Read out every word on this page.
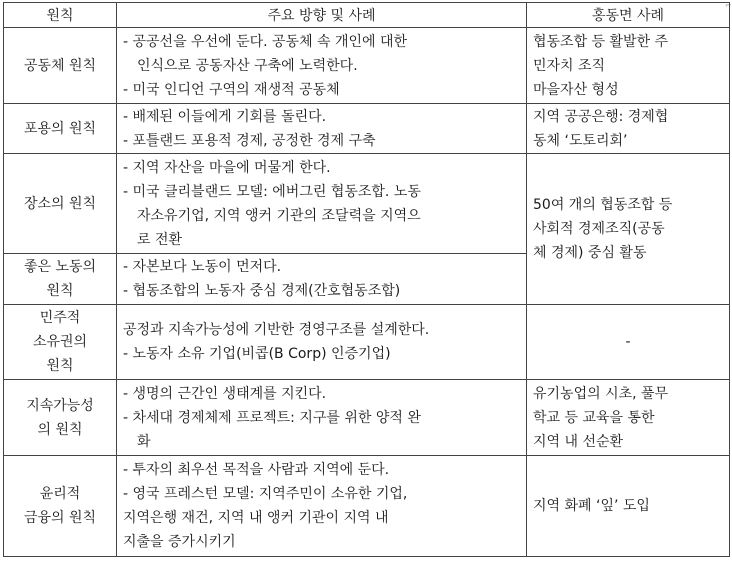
⌐
원칙	주요 방향 및 사례	홍동면 사례

공동체 원칙	- 공공선을 우선에 둔다. 공동체 속 개인에 대한
인식으로 공동자산 구축에 노력한다.
- 미국 인디언 구역의 재생적 공동체	협동조합 등 활발한 주
민자치 조직
마을자산 형성

포용의 원칙	- 배제된 이들에게 기회를 돌린다.
- 포틀랜드 포용적 경제, 공정한 경제 구축	지역 공공은행: 경제협
동체 ‘도토리회’

장소의 원칙	- 지역 자산을 마을에 머물게 한다.
- 미국 클리블랜드 모델: 에버그린 협동조합. 노동
자소유기업, 지역 앵커 기관의 조달력을 지역으
로 전환	50여 개의 협동조합 등
사회적 경제조직(공동
체 경제) 중심 활동

좋은 노동의
원칙	- 자본보다 노동이 먼저다.
- 협동조합의 노동자 중심 경제(간호협동조합)	

민주적
소유권의
원칙	공정과 지속가능성에 기반한 경영구조를 설계한다.
- 노동자 소유 기업(비콥(B Corp) 인증기업)	-

지속가능성
의 원칙	- 생명의 근간인 생태계를 지킨다.
- 차세대 경제체제 프로젝트: 지구를 위한 양적 완
화	유기농업의 시초, 풀무
학교 등 교육을 통한
지역 내 선순환

윤리적
금융의 원칙	- 투자의 최우선 목적을 사람과 지역에 둔다.
- 영국 프레스턴 모델: 지역주민이 소유한 기업,
지역은행 재건, 지역 내 앵커 기관이 지역 내
지출을 증가시키기	지역 화폐 ‘잎’ 도입
